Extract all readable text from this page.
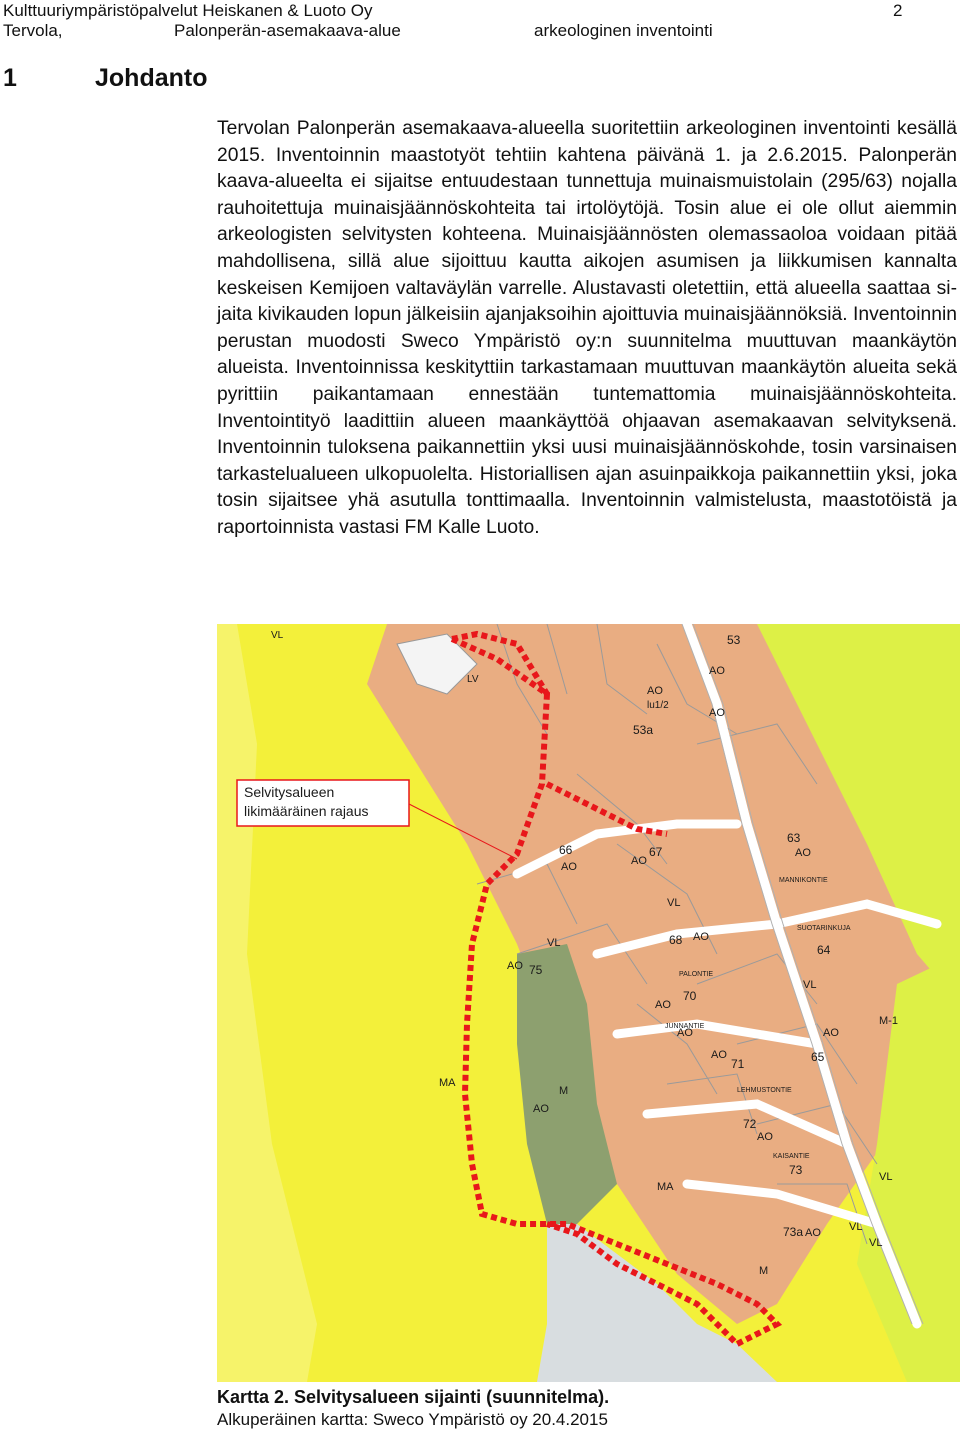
Kulttuuriympäristöpalvelut Heiskanen & Luoto Oy	2
Tervola,	Palonperän-asemakaava-alue	arkeologinen inventointi
1	Johdanto

Tervolan Palonperän asemakaava-alueella suoritettiin arkeologinen inventointi kesällä 2015. Inventoinnin maastotyöt tehtiin kahtena päivänä 1. ja 2.6.2015. Palonperän kaava-alueelta ei sijaitse entuudestaan tunnettuja muinaismuistolain (295/63) nojalla rauhoitettuja muinaisjäännöskohteita tai irtolöytöjä. Tosin alue ei ole ollut aiemmin arkeologisten selvitysten kohteena. Muinaisjäännösten olemassaoloa voidaan pitää mahdollisena, sillä alue sijoittuu kautta aikojen asumisen ja liikkumisen kannalta keskeisen Kemijoen valtaväylän varrelle. Alustavasti oletettiin, että alueella saattaa sijaita kivikauden lopun jälkeisiin ajanjaksoihin ajoittuvia muinaisjäännöksiä. Inventoinnin perustan muodosti Sweco Ympäristö oy:n suunnitelma muuttuvan maankäytön alueista. Inventoinnissa keskityttiin tarkastamaan muuttuvan maankäytön alueita sekä pyrittiin paikantamaan ennestään tuntemattomia muinaisjäännöskohteita. Inventointityö laadittiin alueen maankäyttöä ohjaavan asemakaavan selvityksenä. Inventoinnin tuloksena paikannettiin yksi uusi muinaisjäännöskohde, tosin varsinaisen tarkastelualueen ulkopuolelta. Historiallisen ajan asuinpaikkoja paikannettiin yksi, joka tosin sijaitsee yhä asutulla tonttimaalla. Inventoinnin valmistelusta, maastotöistä ja raportoinnista vastasi FM Kalle Luoto.

Selvitysalueen
likimääräinen rajaus
53
53a
63
64
65
66	67
68
70
71
72
73
73a
75
AO
AO
lu1/2
AO
AO	AO
AO
AO
AO
AO
AO
AO
AO
AO
AO
AO
VL
VL
VL
VL
VL
VL
VL
M-1
MA
MA
M
M
LV
PALONTIE
MANNIKONTIE
SUOTARINKUJA
JUNNANTIE
LEHMUSTONTIE
KAISANTIE
Kartta 2. Selvitysalueen sijainti (suunnitelma).
Alkuperäinen kartta: Sweco Ympäristö oy 20.4.2015
